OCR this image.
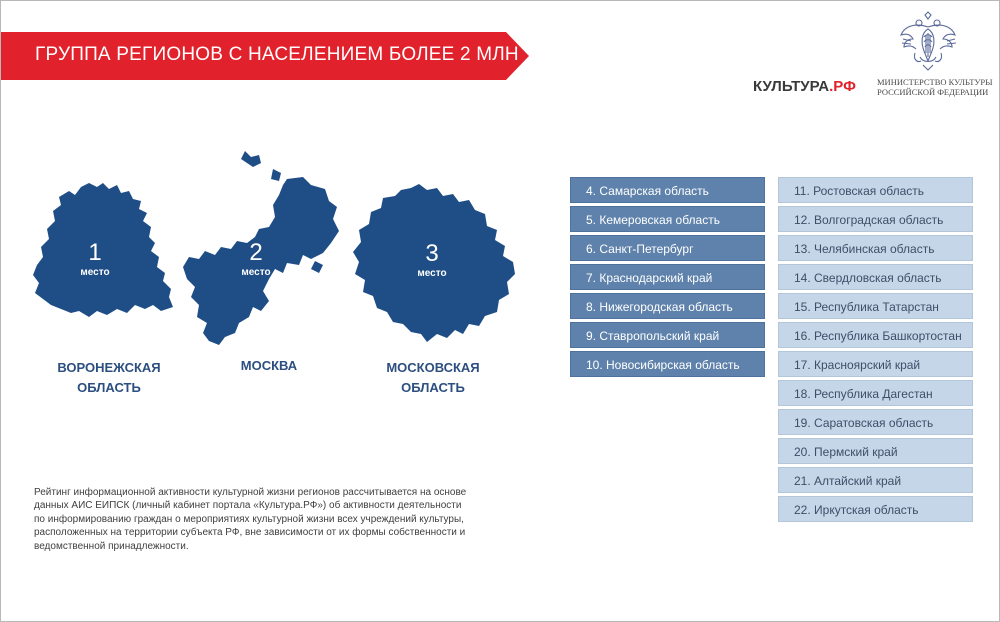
ГРУППА РЕГИОНОВ С НАСЕЛЕНИЕМ БОЛЕЕ 2 МЛН
КУЛЬТУРА.РФ МИНИСТЕРСТВО КУЛЬТУРЫ
РОССИЙСКОЙ ФЕДЕРАЦИИ
1
место
ВОРОНЕЖСКАЯ
ОБЛАСТЬ
2
место
МОСКВА
3
место
МОСКОВСКАЯ
ОБЛАСТЬ
Рейтинг информационной активности культурной жизни регионов рассчитывается на основе данных АИС ЕИПСК (личный кабинет портала «Культура.РФ») об активности деятельности по информированию граждан о мероприятиях культурной жизни всех учреждений культуры, расположенных на территории субъекта РФ, вне зависимости от их формы собственности и ведомственной принадлежности.
4. Самарская область
5. Кемеровская область
6. Санкт-Петербург
7. Краснодарский край
8. Нижегородская область
9. Ставропольский край
10. Новосибирская область
11. Ростовская область
12. Волгоградская область
13. Челябинская область
14. Свердловская область
15. Республика Татарстан
16. Республика Башкортостан
17. Красноярский край
18. Республика Дагестан
19. Саратовская область
20. Пермский край
21. Алтайский край
22. Иркутская область
